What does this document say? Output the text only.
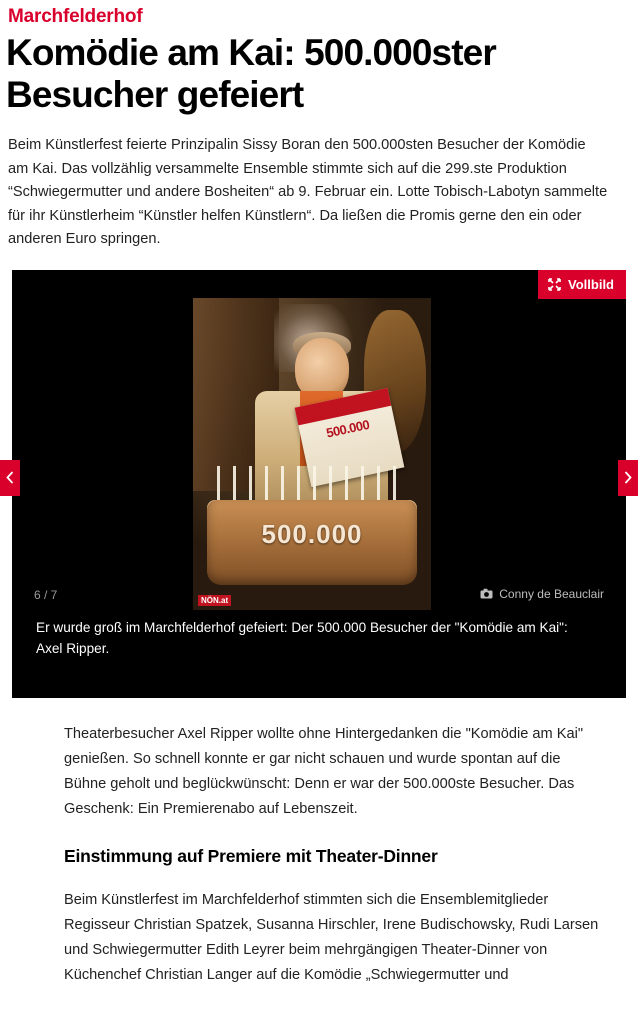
Marchfelderhof
Komödie am Kai: 500.000ster Besucher gefeiert

Beim Künstlerfest feierte Prinzipalin Sissy Boran den 500.000sten Besucher der Komödie am Kai. Das vollzählig versammelte Ensemble stimmte sich auf die 299.ste Produktion “Schwiegermutter und andere Bosheiten“ ab 9. Februar ein. Lotte Tobisch-Labotyn sammelte für ihr Künstlerheim “Künstler helfen Künstlern“. Da ließen die Promis gerne den ein oder anderen Euro springen.

500.000
500.000
NÖN.at
Vollbild
6 / 7	Conny de Beauclair
Er wurde groß im Marchfelderhof gefeiert: Der 500.000 Besucher der "Komödie am Kai": Axel Ripper.

Theaterbesucher Axel Ripper wollte ohne Hintergedanken die "Komödie am Kai" genießen. So schnell konnte er gar nicht schauen und wurde spontan auf die Bühne geholt und beglückwünscht: Denn er war der 500.000ste Besucher. Das Geschenk: Ein Premierenabo auf Lebenszeit.

Einstimmung auf Premiere mit Theater-Dinner

Beim Künstlerfest im Marchfelderhof stimmten sich die Ensemblemitglieder Regisseur Christian Spatzek, Susanna Hirschler, Irene Budischowsky, Rudi Larsen und Schwiegermutter Edith Leyrer beim mehrgängigen Theater-Dinner von Küchenchef Christian Langer auf die Komödie „Schwiegermutter und
